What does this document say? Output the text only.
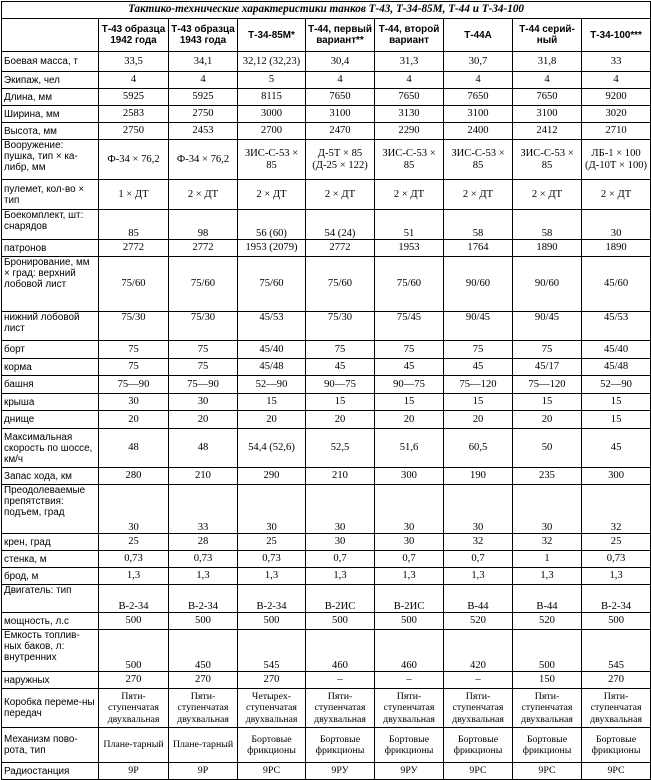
Тактико-технические характеристики танков Т-43, Т-34-85М, Т-44 и Т-34-100								
	Т-43 образца 1942 года	Т-43 образца 1943 года	Т-34-85М*	Т-44, первый вариант**	Т-44, второй вариант	Т-44А	Т-44 серий-ный	Т-34-100***
Боевая масса, т	33,5	34,1	32,12 (32,23)	30,4	31,3	30,7	31,8	33
Экипаж, чел	4	4	5	4	4	4	4	4
Длина, мм	5925	5925	8115	7650	7650	7650	7650	9200
Ширина, мм	2583	2750	3000	3100	3130	3100	3100	3020
Высота, мм	2750	2453	2700	2470	2290	2400	2412	2710
Вооружение: пушка, тип × ка-либр, мм	Ф-34 × 76,2	Ф-34 × 76,2	ЗИС-С-53 × 85	Д-5Т × 85 (Д-25 × 122)	ЗИС-С-53 × 85	ЗИС-С-53 × 85	ЗИС-С-53 × 85	ЛБ-1 × 100 (Д-10Т × 100)
пулемет, кол-во × тип	1 × ДТ	2 × ДТ	2 × ДТ	2 × ДТ	2 × ДТ	2 × ДТ	2 × ДТ	2 × ДТ
Боекомплект, шт: снарядов	85	98	56 (60)	54 (24)	51	58	58	30
патронов	2772	2772	1953 (2079)	2772	1953	1764	1890	1890
Бронирование, мм × град: верхний лобовой лист	75/60	75/60	75/60	75/60	75/60	90/60	90/60	45/60
нижний лобовой лист	75/30	75/30	45/53	75/30	75/45	90/45	90/45	45/53
борт	75	75	45/40	75	75	75	75	45/40
корма	75	75	45/48	45	45	45	45/17	45/48
башня	75—90	75—90	52—90	90—75	90—75	75—120	75—120	52—90
крыша	30	30	15	15	15	15	15	15
днище	20	20	20	20	20	20	20	15
Максимальная скорость по шоссе, км/ч	48	48	54,4 (52,6)	52,5	51,6	60,5	50	45
Запас хода, км	280	210	290	210	300	190	235	300
Преодолеваемые препятствия: подъем, град	30	33	30	30	30	30	30	32
крен, град	25	28	25	30	30	32	32	25
стенка, м	0,73	0,73	0,73	0,7	0,7	0,7	1	0,73
брод, м	1,3	1,3	1,3	1,3	1,3	1,3	1,3	1,3
Двигатель: тип	В-2-34	В-2-34	В-2-34	В-2ИС	В-2ИС	В-44	В-44	В-2-34
мощность, л.с	500	500	500	500	500	520	520	500
Емкость топлив-ных баков, л: внутренних	500	450	545	460	460	420	500	545
наружных	270	270	270	–	–	–	150	270
Коробка переме-ны передач	Пяти-ступенчатая двухвальная	Пяти-ступенчатая двухвальная	Четырех-ступенчатая двухвальная	Пяти-ступенчатая двухвальная	Пяти-ступенчатая двухвальная	Пяти-ступенчатая двухвальная	Пяти-ступенчатая двухвальная	Пяти-ступенчатая двухвальная
Механизм пово-рота, тип	Плане-тарный	Плане-тарный	Бортовые фрикционы	Бортовые фрикционы	Бортовые фрикционы	Бортовые фрикционы	Бортовые фрикционы	Бортовые фрикционы
Радиостанция	9Р	9Р	9РС	9РУ	9РУ	9РС	9РС	9РС
